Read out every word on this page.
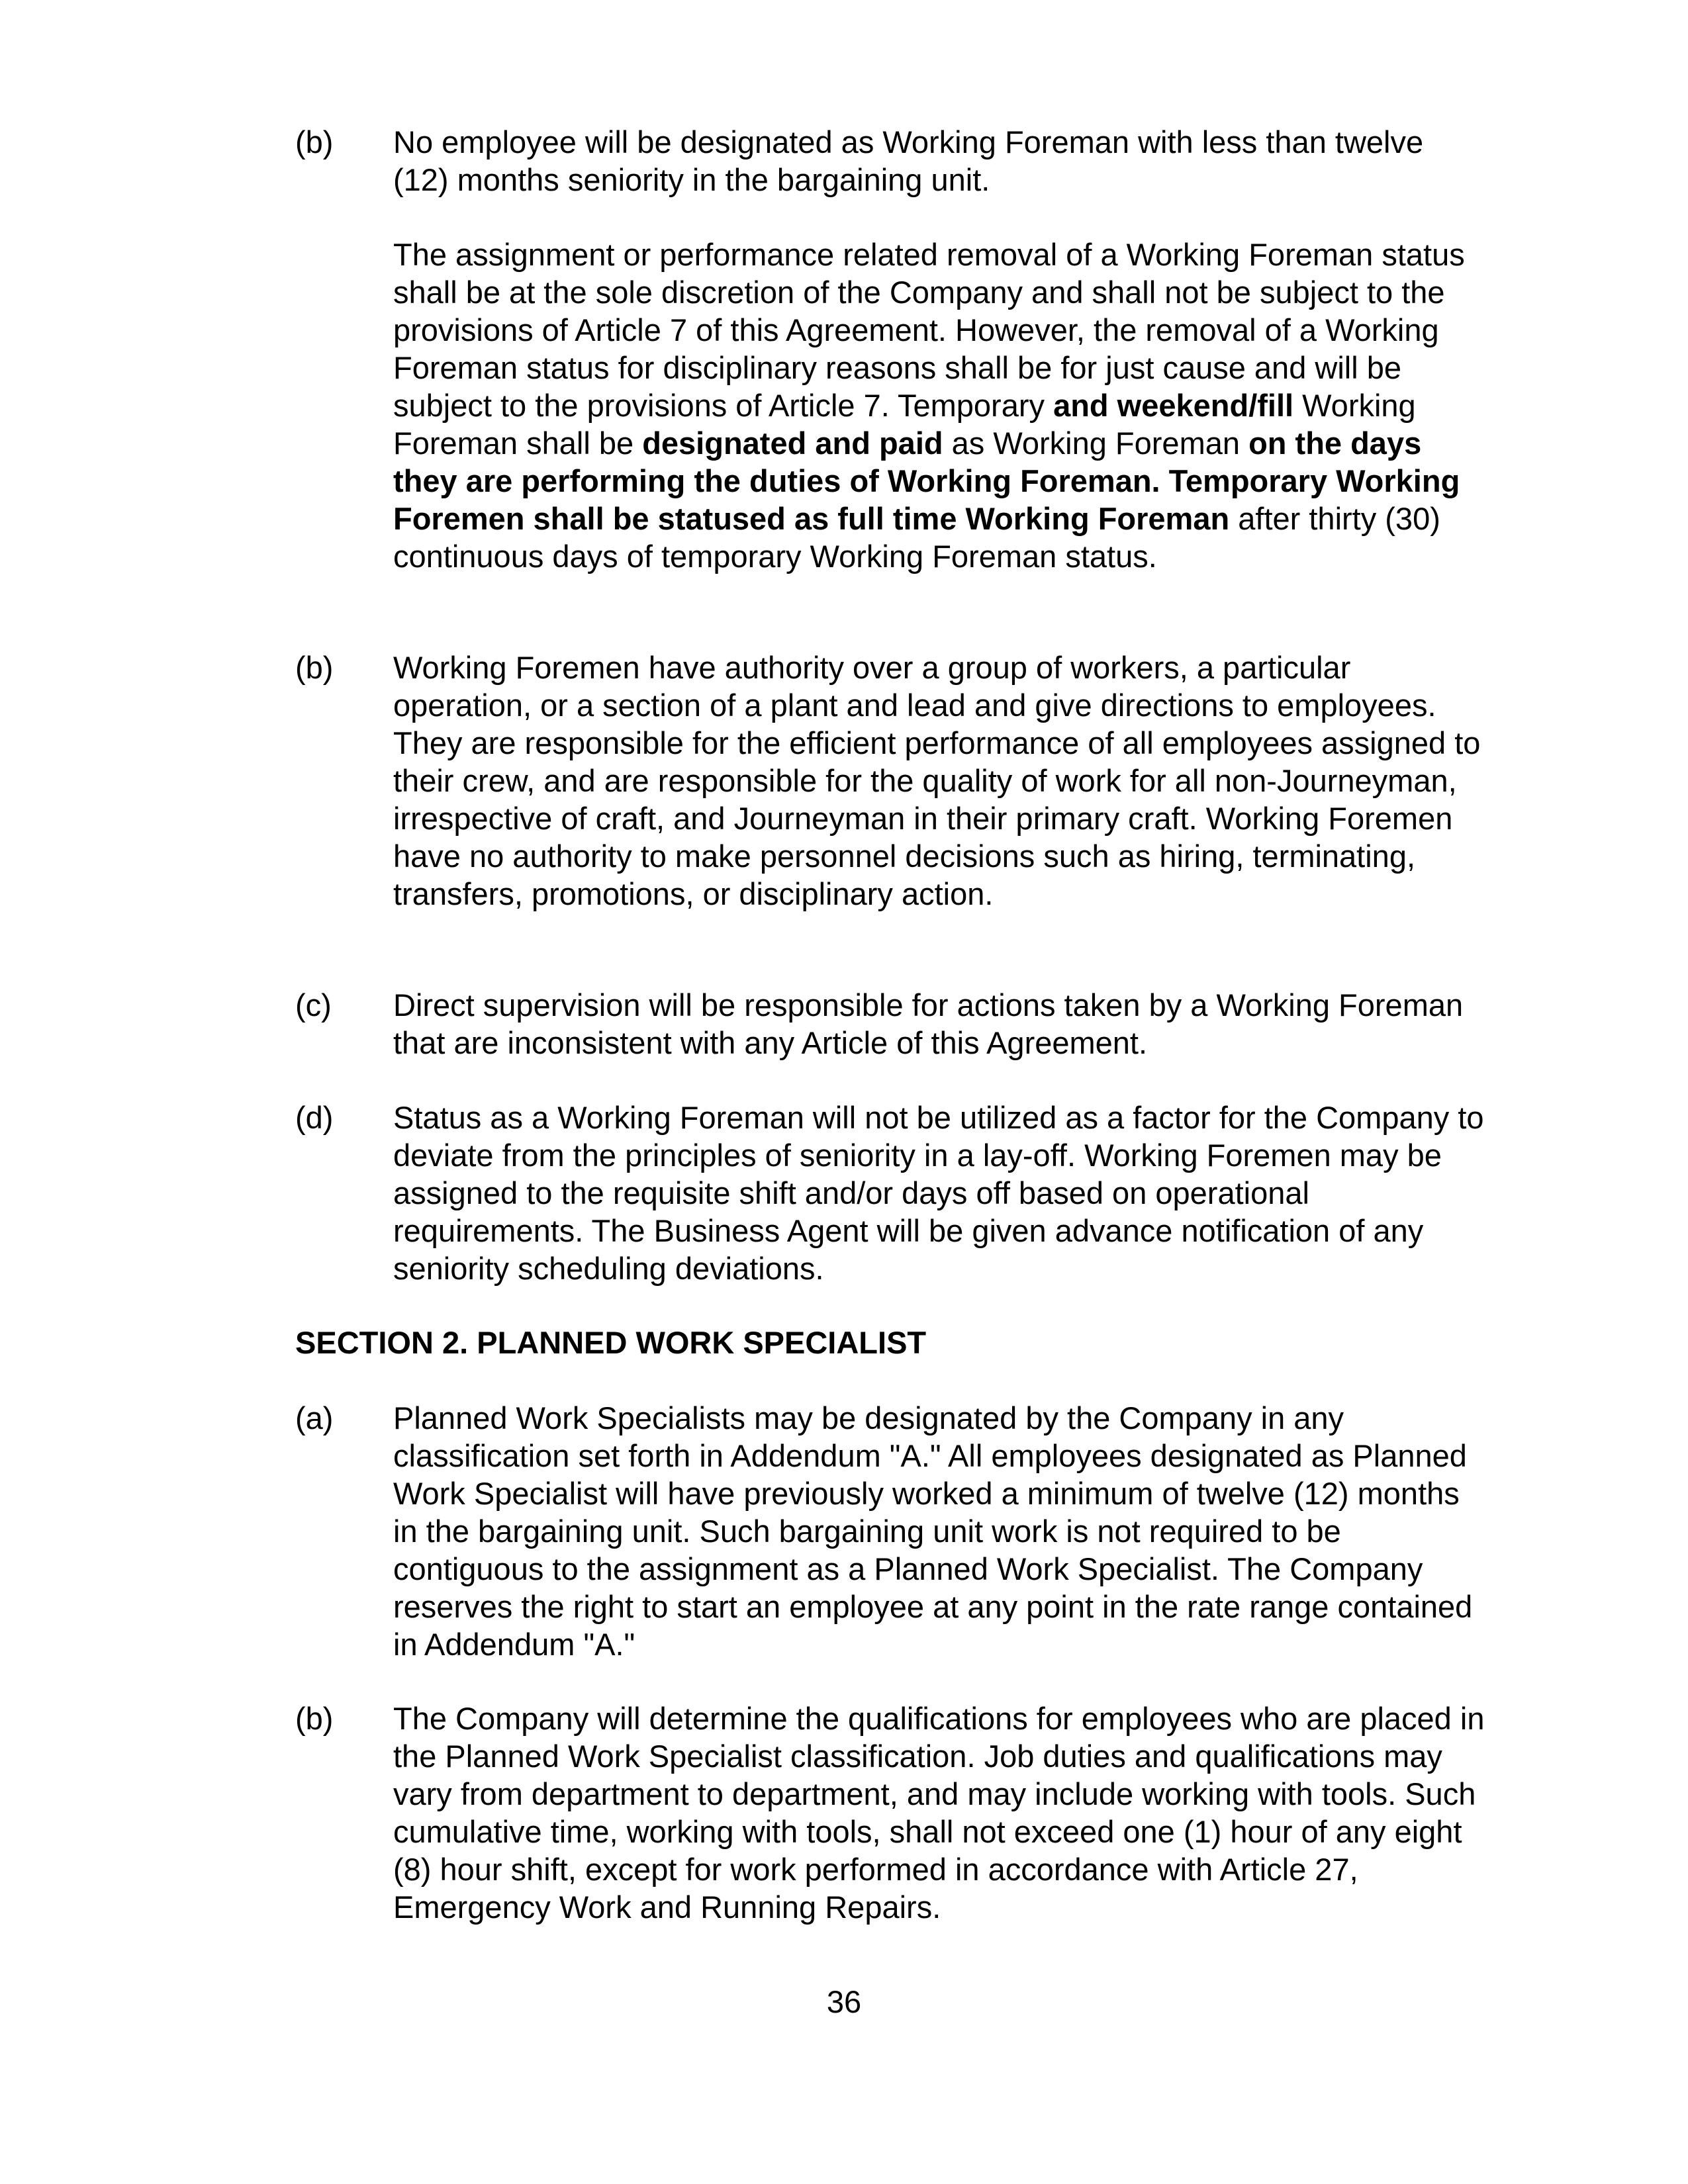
(b) No employee will be designated as Working Foreman with less than twelve (12) months seniority in the bargaining unit.
The assignment or performance related removal of a Working Foreman status shall be at the sole discretion of the Company and shall not be subject to the provisions of Article 7 of this Agreement. However, the removal of a Working Foreman status for disciplinary reasons shall be for just cause and will be subject to the provisions of Article 7. Temporary and weekend/fill Working Foreman shall be designated and paid as Working Foreman on the days they are performing the duties of Working Foreman. Temporary Working Foremen shall be statused as full time Working Foreman after thirty (30) continuous days of temporary Working Foreman status.
(b) Working Foremen have authority over a group of workers, a particular operation, or a section of a plant and lead and give directions to employees. They are responsible for the efficient performance of all employees assigned to their crew, and are responsible for the quality of work for all non-Journeyman, irrespective of craft, and Journeyman in their primary craft. Working Foremen have no authority to make personnel decisions such as hiring, terminating, transfers, promotions, or disciplinary action.
(c) Direct supervision will be responsible for actions taken by a Working Foreman that are inconsistent with any Article of this Agreement.
(d) Status as a Working Foreman will not be utilized as a factor for the Company to deviate from the principles of seniority in a lay-off. Working Foremen may be assigned to the requisite shift and/or days off based on operational requirements. The Business Agent will be given advance notification of any seniority scheduling deviations.
SECTION 2. PLANNED WORK SPECIALIST
(a) Planned Work Specialists may be designated by the Company in any classification set forth in Addendum "A." All employees designated as Planned Work Specialist will have previously worked a minimum of twelve (12) months in the bargaining unit. Such bargaining unit work is not required to be contiguous to the assignment as a Planned Work Specialist. The Company reserves the right to start an employee at any point in the rate range contained in Addendum "A."
(b) The Company will determine the qualifications for employees who are placed in the Planned Work Specialist classification. Job duties and qualifications may vary from department to department, and may include working with tools. Such cumulative time, working with tools, shall not exceed one (1) hour of any eight (8) hour shift, except for work performed in accordance with Article 27, Emergency Work and Running Repairs.
36
